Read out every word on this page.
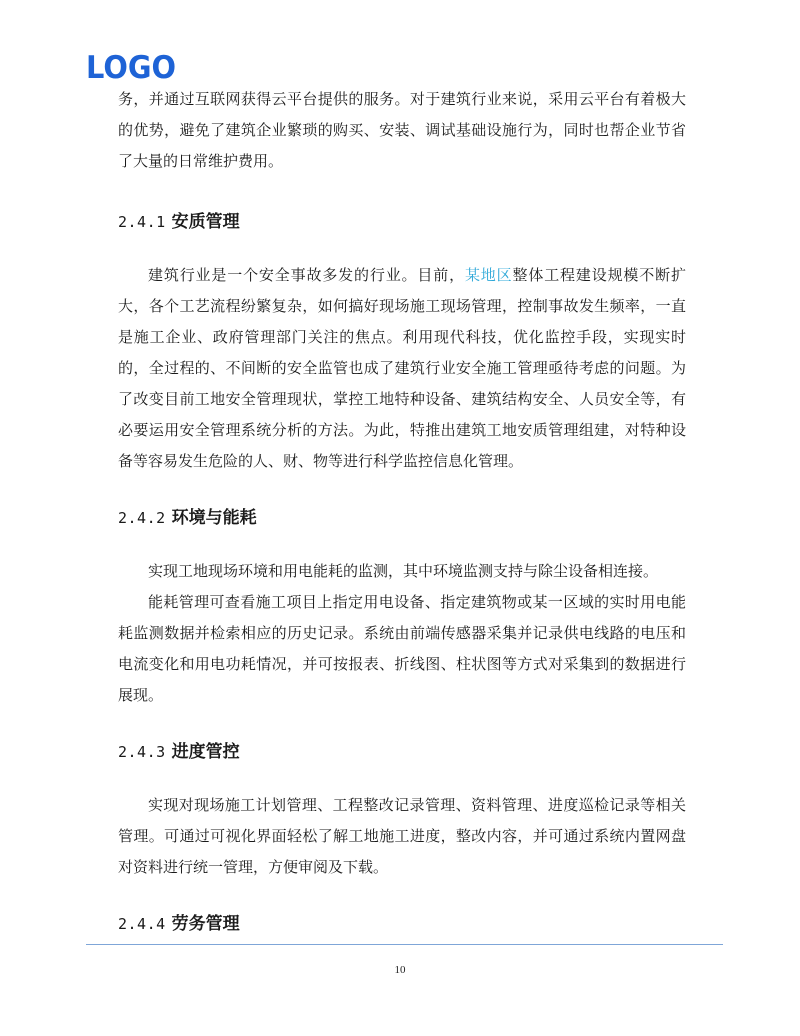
LOGO

务，并通过互联网获得云平台提供的服务。对于建筑行业来说，采用云平台有着极大的优势，避免了建筑企业繁琐的购买、安装、调试基础设施行为，同时也帮企业节省了大量的日常维护费用。

2.4.1 安质管理

建筑行业是一个安全事故多发的行业。目前，某地区整体工程建设规模不断扩大，各个工艺流程纷繁复杂，如何搞好现场施工现场管理，控制事故发生频率，一直是施工企业、政府管理部门关注的焦点。利用现代科技，优化监控手段，实现实时的，全过程的、不间断的安全监管也成了建筑行业安全施工管理亟待考虑的问题。为了改变目前工地安全管理现状，掌控工地特种设备、建筑结构安全、人员安全等，有必要运用安全管理系统分析的方法。为此，特推出建筑工地安质管理组建，对特种设备等容易发生危险的人、财、物等进行科学监控信息化管理。

2.4.2 环境与能耗

实现工地现场环境和用电能耗的监测，其中环境监测支持与除尘设备相连接。

能耗管理可查看施工项目上指定用电设备、指定建筑物或某一区域的实时用电能耗监测数据并检索相应的历史记录。系统由前端传感器采集并记录供电线路的电压和电流变化和用电功耗情况，并可按报表、折线图、柱状图等方式对采集到的数据进行展现。

2.4.3 进度管控

实现对现场施工计划管理、工程整改记录管理、资料管理、进度巡检记录等相关管理。可通过可视化界面轻松了解工地施工进度，整改内容，并可通过系统内置网盘对资料进行统一管理，方便审阅及下载。

2.4.4 劳务管理
10
